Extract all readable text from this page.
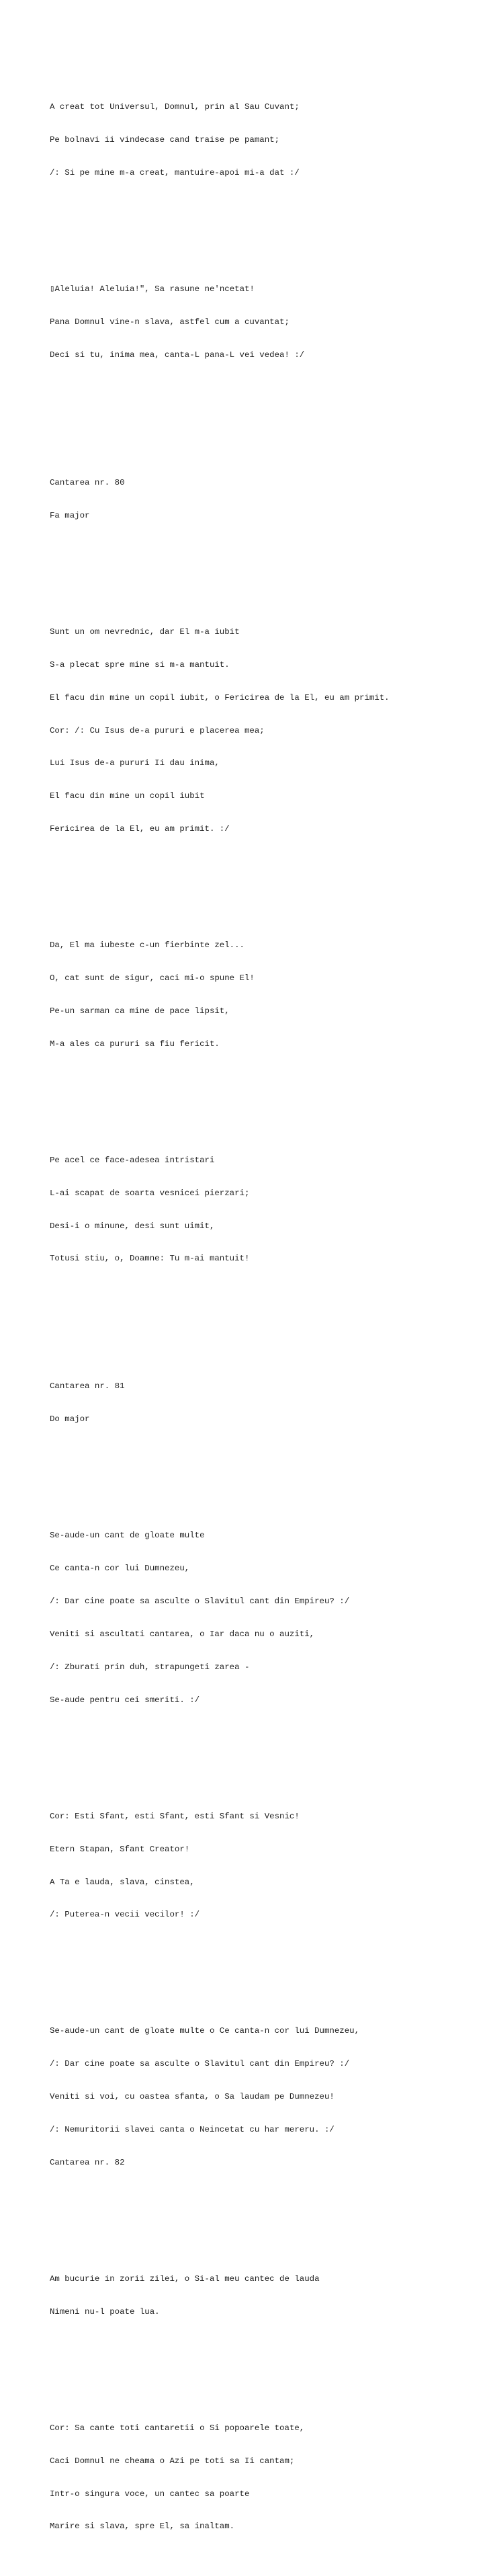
A creat tot Universul, Domnul, prin al Sau Cuvant;

Pe bolnavi ii vindecase cand traise pe pamant;

/: Si pe mine m-a creat, mantuire-apoi mi-a dat :/

▯Aleluia! Aleluia!", Sa rasune ne'ncetat!

Pana Domnul vine-n slava, astfel cum a cuvantat;

Deci si tu, inima mea, canta-L pana-L vei vedea! :/

Cantarea nr. 80

Fa major

Sunt un om nevrednic, dar El m-a iubit

S-a plecat spre mine si m-a mantuit.

El facu din mine un copil iubit, o Fericirea de la El, eu am primit.

Cor: /: Cu Isus de-a pururi e placerea mea;

Lui Isus de-a pururi Ii dau inima,

El facu din mine un copil iubit

Fericirea de la El, eu am primit. :/

Da, El ma iubeste c-un fierbinte zel...

O, cat sunt de sigur, caci mi-o spune El!

Pe-un sarman ca mine de pace lipsit,

M-a ales ca pururi sa fiu fericit.

Pe acel ce face-adesea intristari

L-ai scapat de soarta vesnicei pierzari;

Desi-i o minune, desi sunt uimit,

Totusi stiu, o, Doamne: Tu m-ai mantuit!

Cantarea nr. 81

Do major

Se-aude-un cant de gloate multe

Ce canta-n cor lui Dumnezeu,

/: Dar cine poate sa asculte o Slavitul cant din Empireu? :/

Veniti si ascultati cantarea, o Iar daca nu o auziti,

/: Zburati prin duh, strapungeti zarea -

Se-aude pentru cei smeriti. :/

Cor: Esti Sfant, esti Sfant, esti Sfant si Vesnic!

Etern Stapan, Sfant Creator!

A Ta e lauda, slava, cinstea,

/: Puterea-n vecii vecilor! :/

Se-aude-un cant de gloate multe o Ce canta-n cor lui Dumnezeu,

/: Dar cine poate sa asculte o Slavitul cant din Empireu? :/

Veniti si voi, cu oastea sfanta, o Sa laudam pe Dumnezeu!

/: Nemuritorii slavei canta o Neincetat cu har mereru. :/

Cantarea nr. 82

Am bucurie in zorii zilei, o Si-al meu cantec de lauda

Nimeni nu-l poate lua.

Cor: Sa cante toti cantaretii o Si popoarele toate,

Caci Domnul ne cheama o Azi pe toti sa Ii cantam;

Intr-o singura voce, un cantec sa poarte

Marire si slava, spre El, sa inaltam.
